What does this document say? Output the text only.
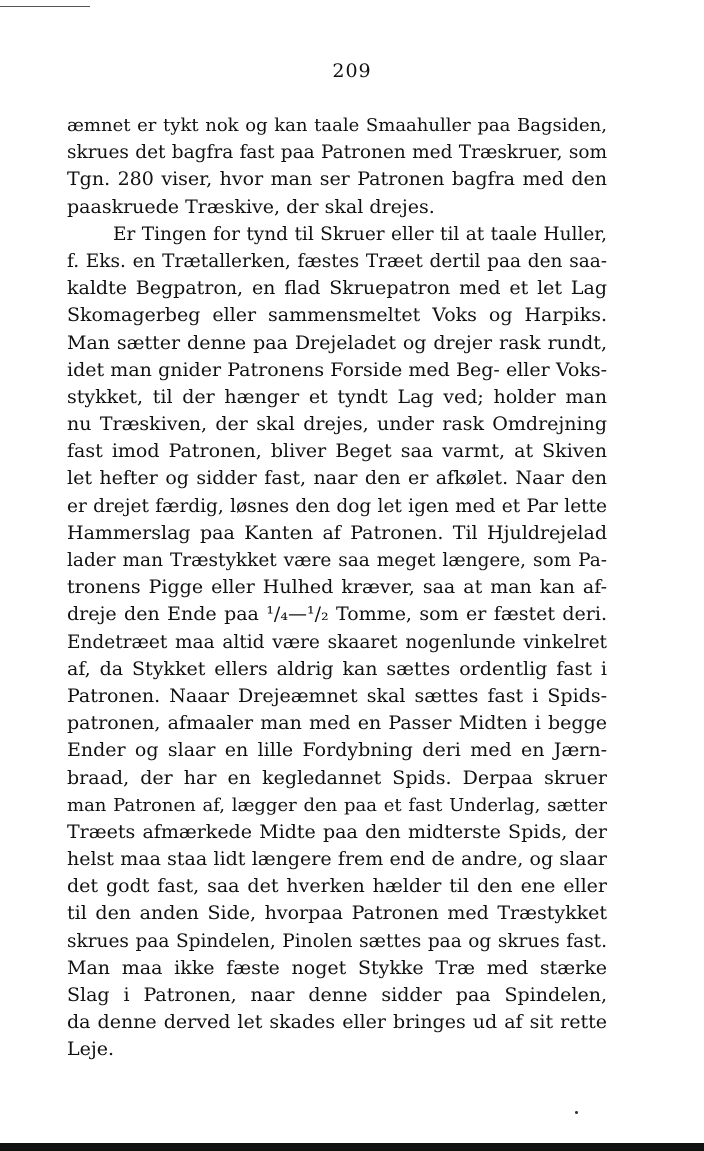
209
æmnet er tykt nok og kan taale Smaahuller paa Bagsiden,
skrues det bagfra fast paa Patronen med Træskruer, som
Tgn. 280 viser, hvor man ser Patronen bagfra med den
paaskruede Træskive, der skal drejes.
Er Tingen for tynd til Skruer eller til at taale Huller,
f. Eks. en Trætallerken, fæstes Træet dertil paa den saa-
kaldte Begpatron, en flad Skruepatron med et let Lag
Skomagerbeg eller sammensmeltet Voks og Harpiks.
Man sætter denne paa Drejeladet og drejer rask rundt,
idet man gnider Patronens Forside med Beg- eller Voks-
stykket, til der hænger et tyndt Lag ved; holder man
nu Træskiven, der skal drejes, under rask Omdrejning
fast imod Patronen, bliver Beget saa varmt, at Skiven
let hefter og sidder fast, naar den er afkølet. Naar den
er drejet færdig, løsnes den dog let igen med et Par lette
Hammerslag paa Kanten af Patronen. Til Hjuldrejelad
lader man Træstykket være saa meget længere, som Pa-
tronens Pigge eller Hulhed kræver, saa at man kan af-
dreje den Ende paa ¹/₄—¹/₂ Tomme, som er fæstet deri.
Endetræet maa altid være skaaret nogenlunde vinkelret
af, da Stykket ellers aldrig kan sættes ordentlig fast i
Patronen. Naaar Drejeæmnet skal sættes fast i Spids-
patronen, afmaaler man med en Passer Midten i begge
Ender og slaar en lille Fordybning deri med en Jærn-
braad, der har en kegledannet Spids. Derpaa skruer
man Patronen af, lægger den paa et fast Underlag, sætter
Træets afmærkede Midte paa den midterste Spids, der
helst maa staa lidt længere frem end de andre, og slaar
det godt fast, saa det hverken hælder til den ene eller
til den anden Side, hvorpaa Patronen med Træstykket
skrues paa Spindelen, Pinolen sættes paa og skrues fast.
Man maa ikke fæste noget Stykke Træ med stærke
Slag i Patronen, naar denne sidder paa Spindelen,
da denne derved let skades eller bringes ud af sit rette
Leje.
